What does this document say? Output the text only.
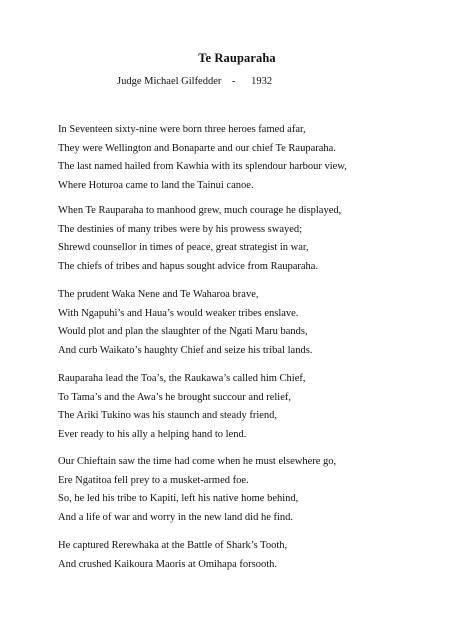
Te Rauparaha
Judge Michael Gilfedder - 1932
In Seventeen sixty-nine were born three heroes famed afar,
They were Wellington and Bonaparte and our chief Te Rauparaha.
The last named hailed from Kawhia with its splendour harbour view,
Where Hoturoa came to land the Tainui canoe.
When Te Rauparaha to manhood grew, much courage he displayed,
The destinies of many tribes were by his prowess swayed;
Shrewd counsellor in times of peace, great strategist in war,
The chiefs of tribes and hapus sought advice from Rauparaha.
The prudent Waka Nene and Te Waharoa brave,
With Ngapuhi’s and Haua’s would weaker tribes enslave.
Would plot and plan the slaughter of the Ngati Maru bands,
And curb Waikato’s haughty Chief and seize his tribal lands.
Rauparaha lead the Toa’s, the Raukawa’s called him Chief,
To Tama’s and the Awa’s he brought succour and relief,
The Ariki Tukino was his staunch and steady friend,
Ever ready to his ally a helping hand to lend.
Our Chieftain saw the time had come when he must elsewhere go,
Ere Ngatitoa fell prey to a musket-armed foe.
So, he led his tribe to Kapiti, left his native home behind,
And a life of war and worry in the new land did he find.
He captured Rerewhaka at the Battle of Shark’s Tooth,
And crushed Kaikoura Maoris at Omihapa forsooth.
